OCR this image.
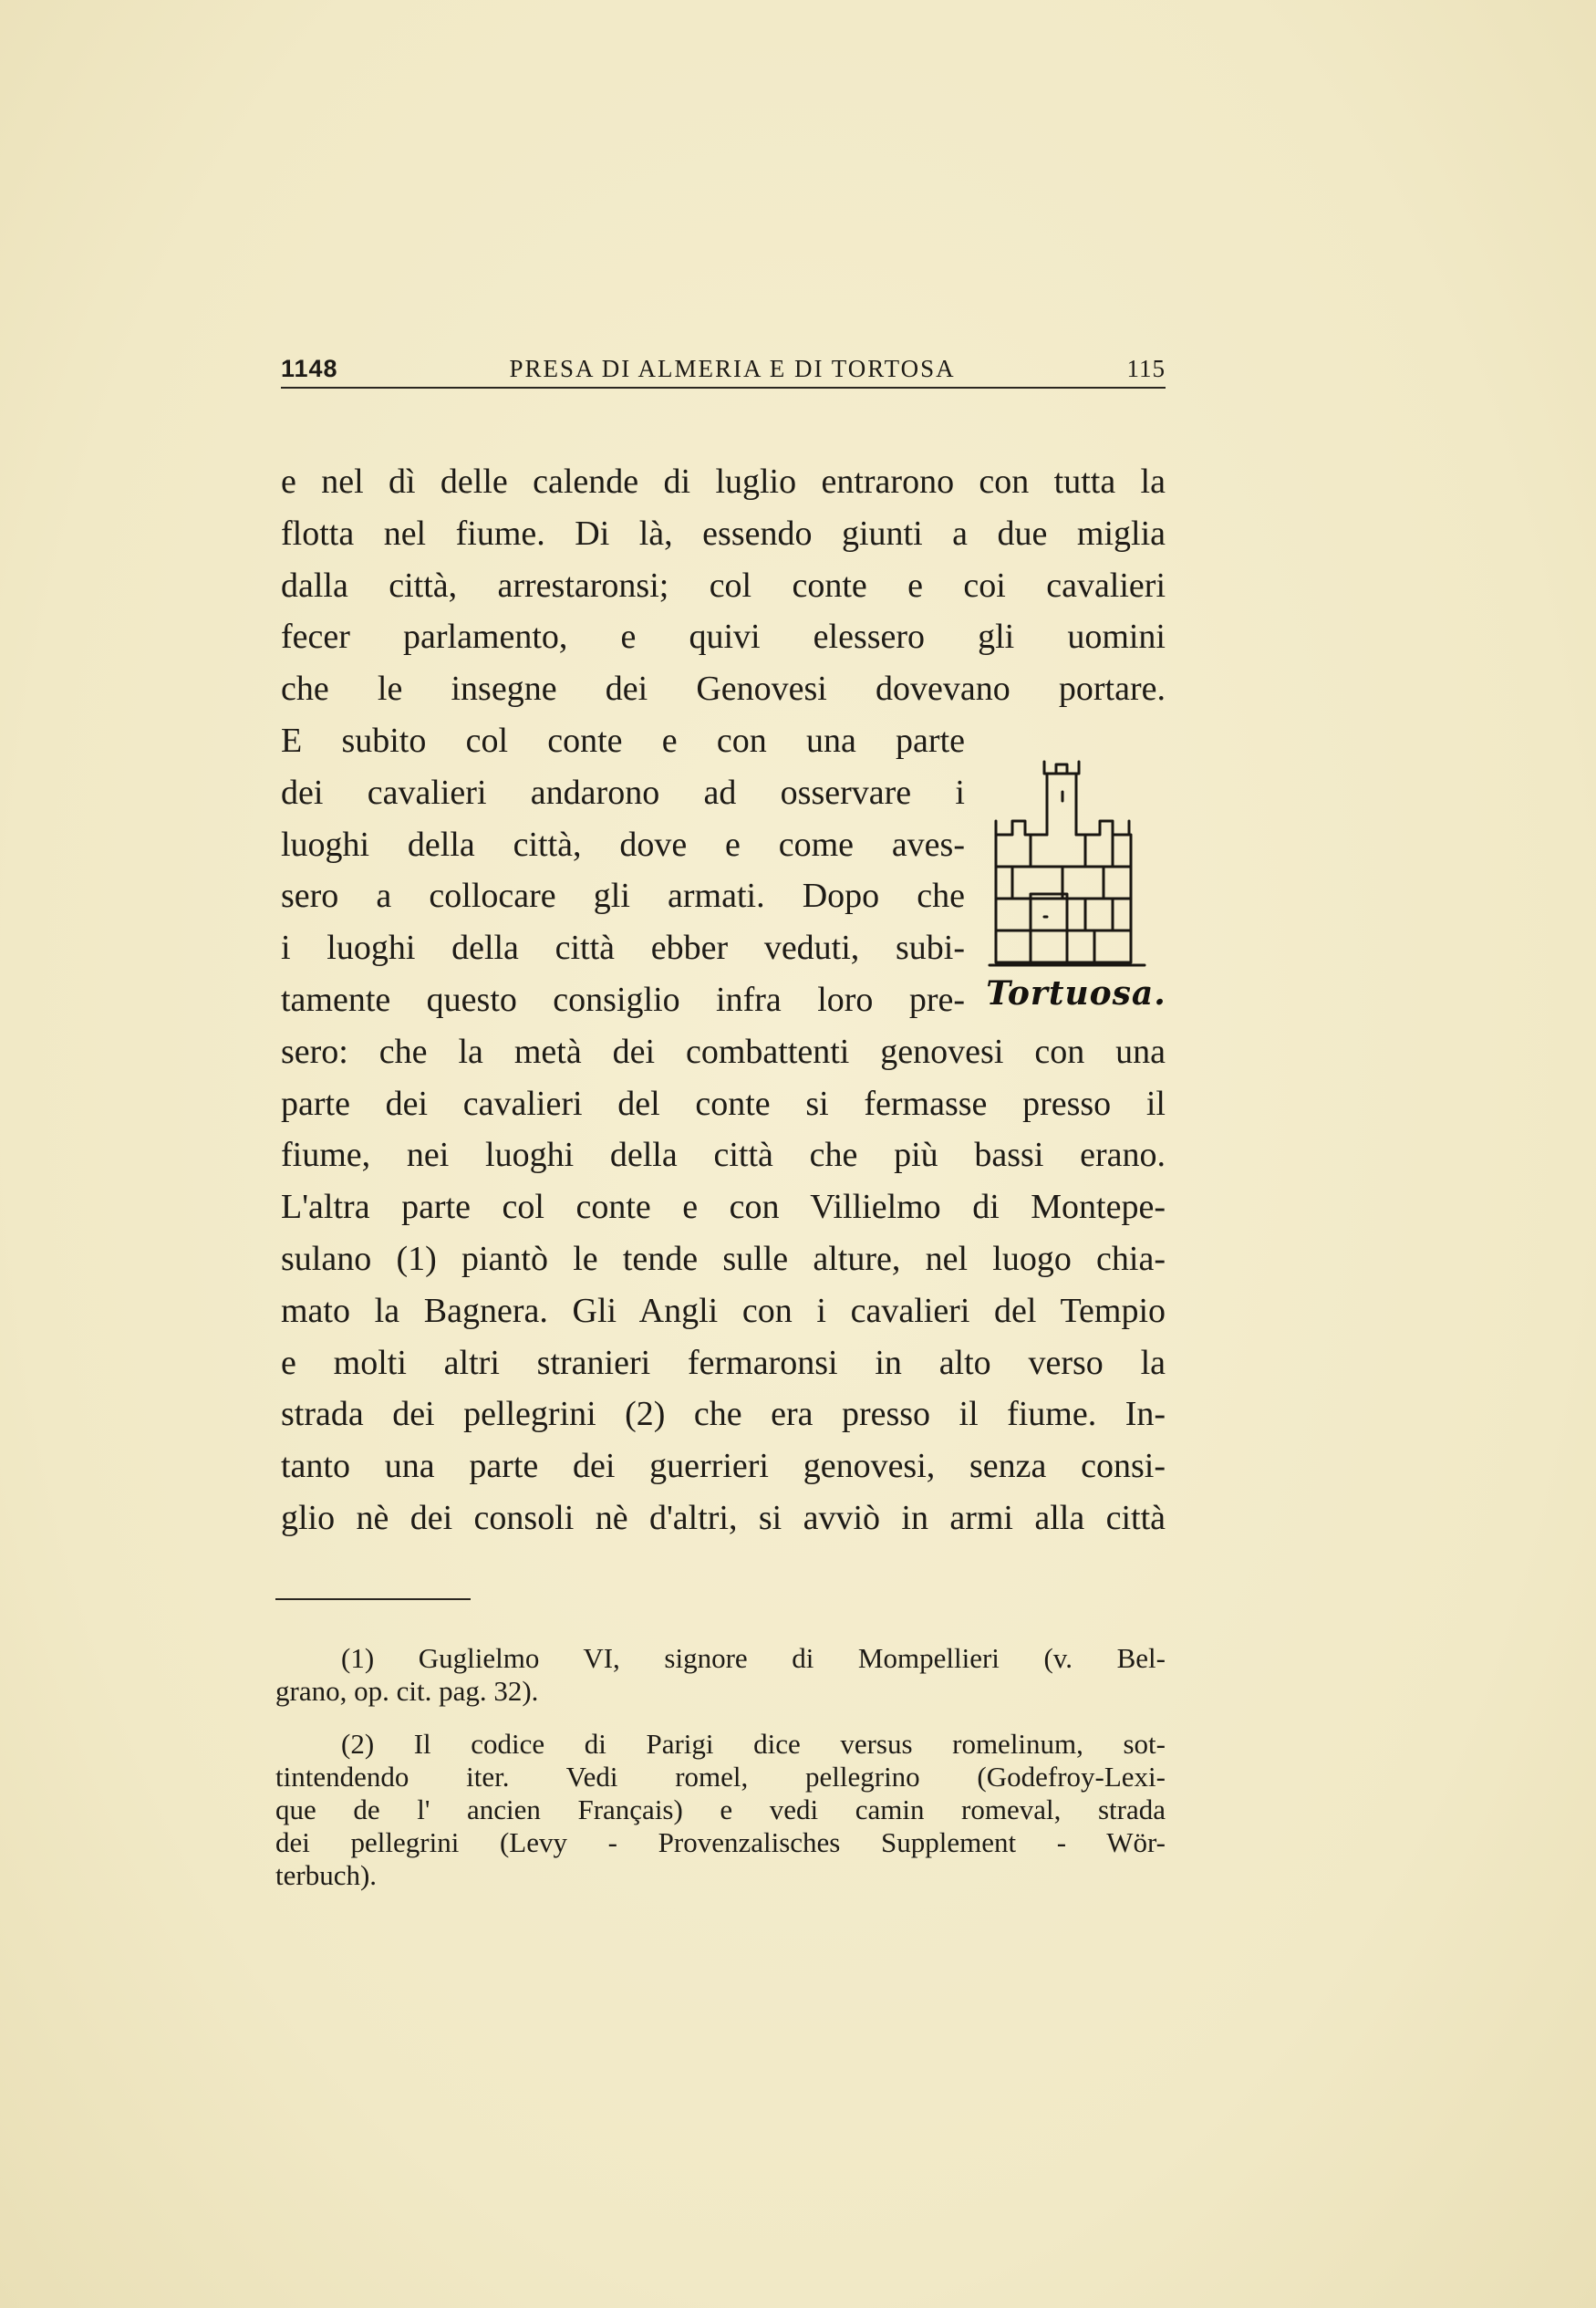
1148	PRESA DI ALMERIA E DI TORTOSA	115
e nel dì delle calende di luglio entrarono con tutta la
flotta nel fiume. Di là, essendo giunti a due miglia
dalla città, arrestaronsi; col conte e coi cavalieri
fecer parlamento, e quivi elessero gli uomini
che le insegne dei Genovesi dovevano portare.
E subito col conte e con una parte
dei cavalieri andarono ad osservare i
luoghi della città, dove e come aves-
sero a collocare gli armati. Dopo che
i luoghi della città ebber veduti, subi-
tamente questo consiglio infra loro pre-
sero: che la metà dei combattenti genovesi con una
parte dei cavalieri del conte si fermasse presso il
fiume, nei luoghi della città che più bassi erano.
L'altra parte col conte e con Villielmo di Montepe-
sulano (1) piantò le tende sulle alture, nel luogo chia-
mato la Bagnera. Gli Angli con i cavalieri del Tempio
e molti altri stranieri fermaronsi in alto verso la
strada dei pellegrini (2) che era presso il fiume. In-
tanto una parte dei guerrieri genovesi, senza consi-
glio nè dei consoli nè d'altri, si avviò in armi alla città
Tortuosa.
(1) Guglielmo VI, signore di Mompellieri (v. Bel-
grano, op. cit. pag. 32).
(2) Il codice di Parigi dice versus romelinum, sot-
tintendendo iter. Vedi romel, pellegrino (Godefroy-Lexi-
que de l' ancien Français) e vedi camin romeval, strada
dei pellegrini (Levy - Provenzalisches Supplement - Wör-
terbuch).
